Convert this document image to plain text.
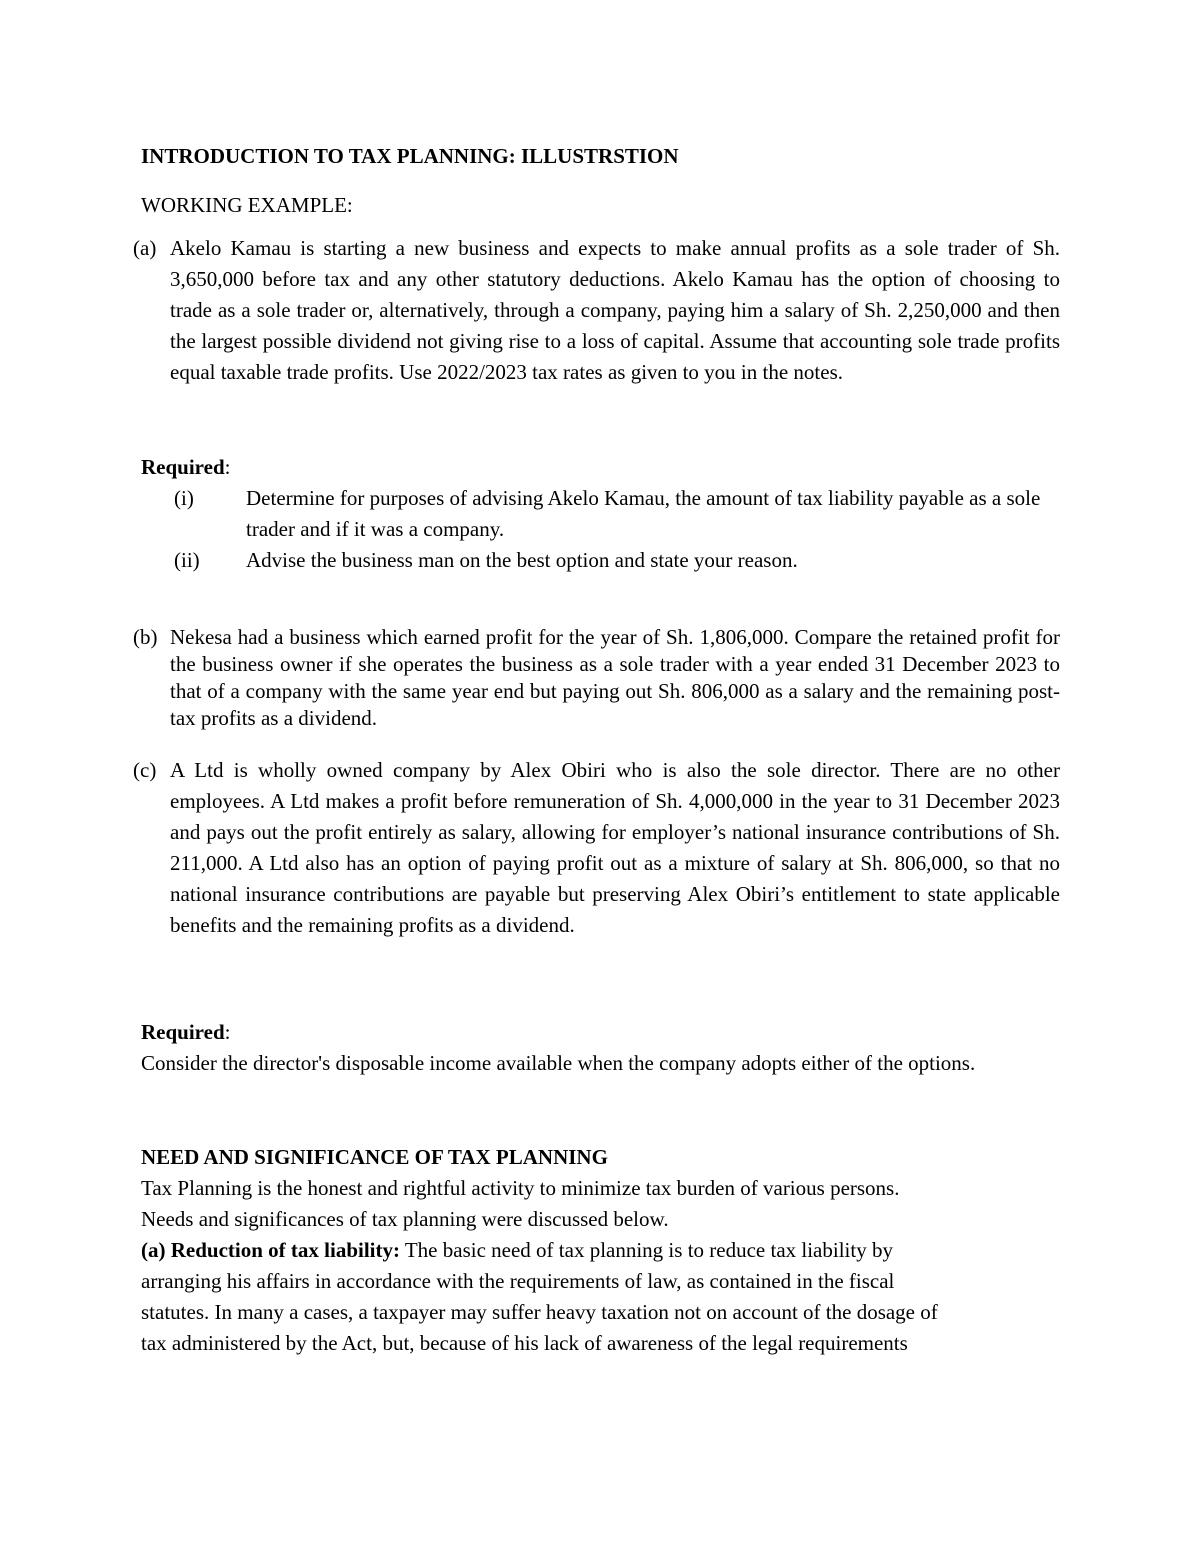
INTRODUCTION TO TAX PLANNING: ILLUSTRSTION
WORKING EXAMPLE:
(a) Akelo Kamau is starting a new business and expects to make annual profits as a sole trader of Sh. 3,650,000 before tax and any other statutory deductions. Akelo Kamau has the option of choosing to trade as a sole trader or, alternatively, through a company, paying him a salary of Sh. 2,250,000 and then the largest possible dividend not giving rise to a loss of capital. Assume that accounting sole trade profits equal taxable trade profits. Use 2022/2023 tax rates as given to you in the notes.
Required:
(i) Determine for purposes of advising Akelo Kamau, the amount of tax liability payable as a sole trader and if it was a company.
(ii) Advise the business man on the best option and state your reason.
(b) Nekesa had a business which earned profit for the year of Sh. 1,806,000. Compare the retained profit for the business owner if she operates the business as a sole trader with a year ended 31 December 2023 to that of a company with the same year end but paying out Sh. 806,000 as a salary and the remaining post-tax profits as a dividend.
(c) A Ltd is wholly owned company by Alex Obiri who is also the sole director. There are no other employees. A Ltd makes a profit before remuneration of Sh. 4,000,000 in the year to 31 December 2023 and pays out the profit entirely as salary, allowing for employer’s national insurance contributions of Sh. 211,000. A Ltd also has an option of paying profit out as a mixture of salary at Sh. 806,000, so that no national insurance contributions are payable but preserving Alex Obiri’s entitlement to state applicable benefits and the remaining profits as a dividend.
Required:
Consider the director's disposable income available when the company adopts either of the options.
NEED AND SIGNIFICANCE OF TAX PLANNING
Tax Planning is the honest and rightful activity to minimize tax burden of various persons. Needs and significances of tax planning were discussed below.
(a) Reduction of tax liability: The basic need of tax planning is to reduce tax liability by arranging his affairs in accordance with the requirements of law, as contained in the fiscal statutes. In many a cases, a taxpayer may suffer heavy taxation not on account of the dosage of tax administered by the Act, but, because of his lack of awareness of the legal requirements
